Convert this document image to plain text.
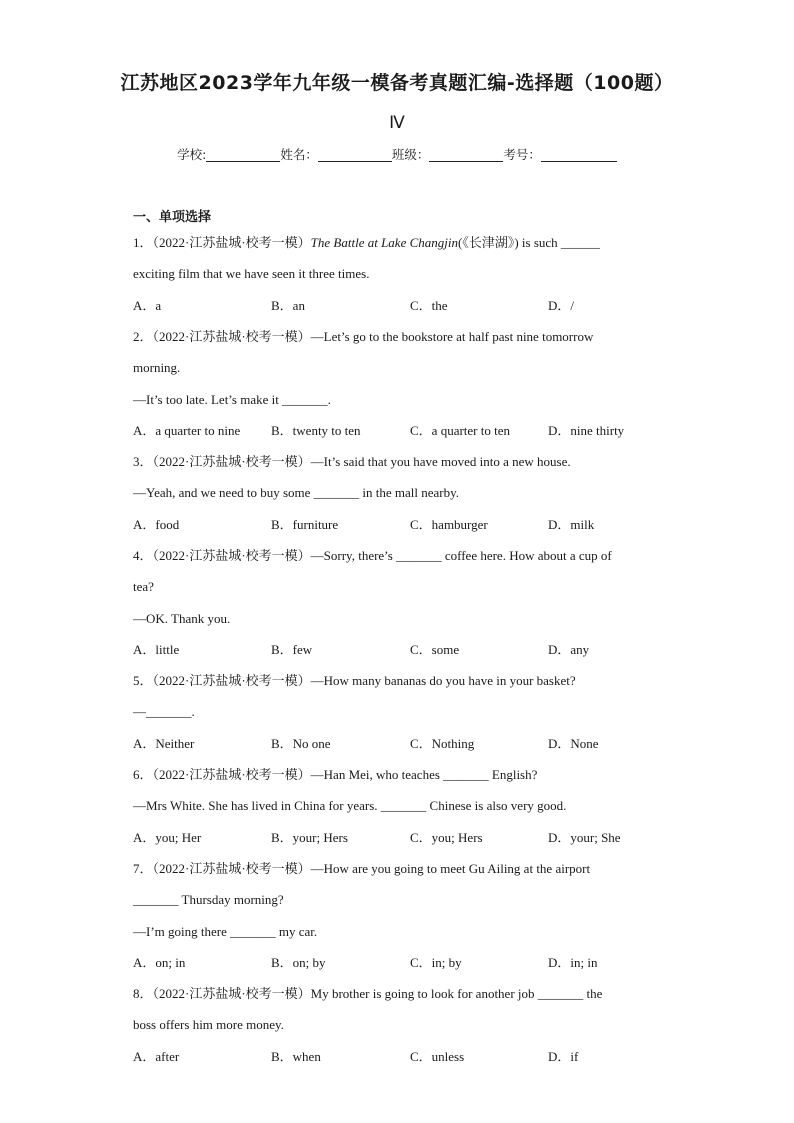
江苏地区2023学年九年级一模备考真题汇编-选择题（100题）
Ⅳ
学校:	姓名：	班级：	考号：
一、单项选择
1．（2022·江苏盐城·校考一模）The Battle at Lake Changjin(《长津湖》) is such ______
exciting film that we have seen it three times.
A．a	B．an	C．the	D．/
2．（2022·江苏盐城·校考一模）—Let’s go to the bookstore at half past nine tomorrow
morning.
—It’s too late. Let’s make it _______.
A．a quarter to nine B．twenty to ten	C．a quarter to ten	D．nine thirty
3．（2022·江苏盐城·校考一模）—It’s said that you have moved into a new house.
—Yeah, and we need to buy some _______ in the mall nearby.
A．food	B．furniture	C．hamburger	D．milk
4．（2022·江苏盐城·校考一模）—Sorry, there’s _______ coffee here. How about a cup of
tea?
—OK. Thank you.
A．little	B．few	C．some	D．any
5．（2022·江苏盐城·校考一模）—How many bananas do you have in your basket?
—_______.
A．Neither	B．No one	C．Nothing	D．None
6．（2022·江苏盐城·校考一模）—Han Mei, who teaches _______ English?
—Mrs White. She has lived in China for years. _______ Chinese is also very good.
A．you; Her	B．your; Hers	C．you; Hers	D．your; She
7．（2022·江苏盐城·校考一模）—How are you going to meet Gu Ailing at the airport
_______ Thursday morning?
—I’m going there _______ my car.
A．on; in	B．on; by	C．in; by	D．in; in
8．（2022·江苏盐城·校考一模）My brother is going to look for another job _______ the
boss offers him more money.
A．after	B．when	C．unless	D．if
